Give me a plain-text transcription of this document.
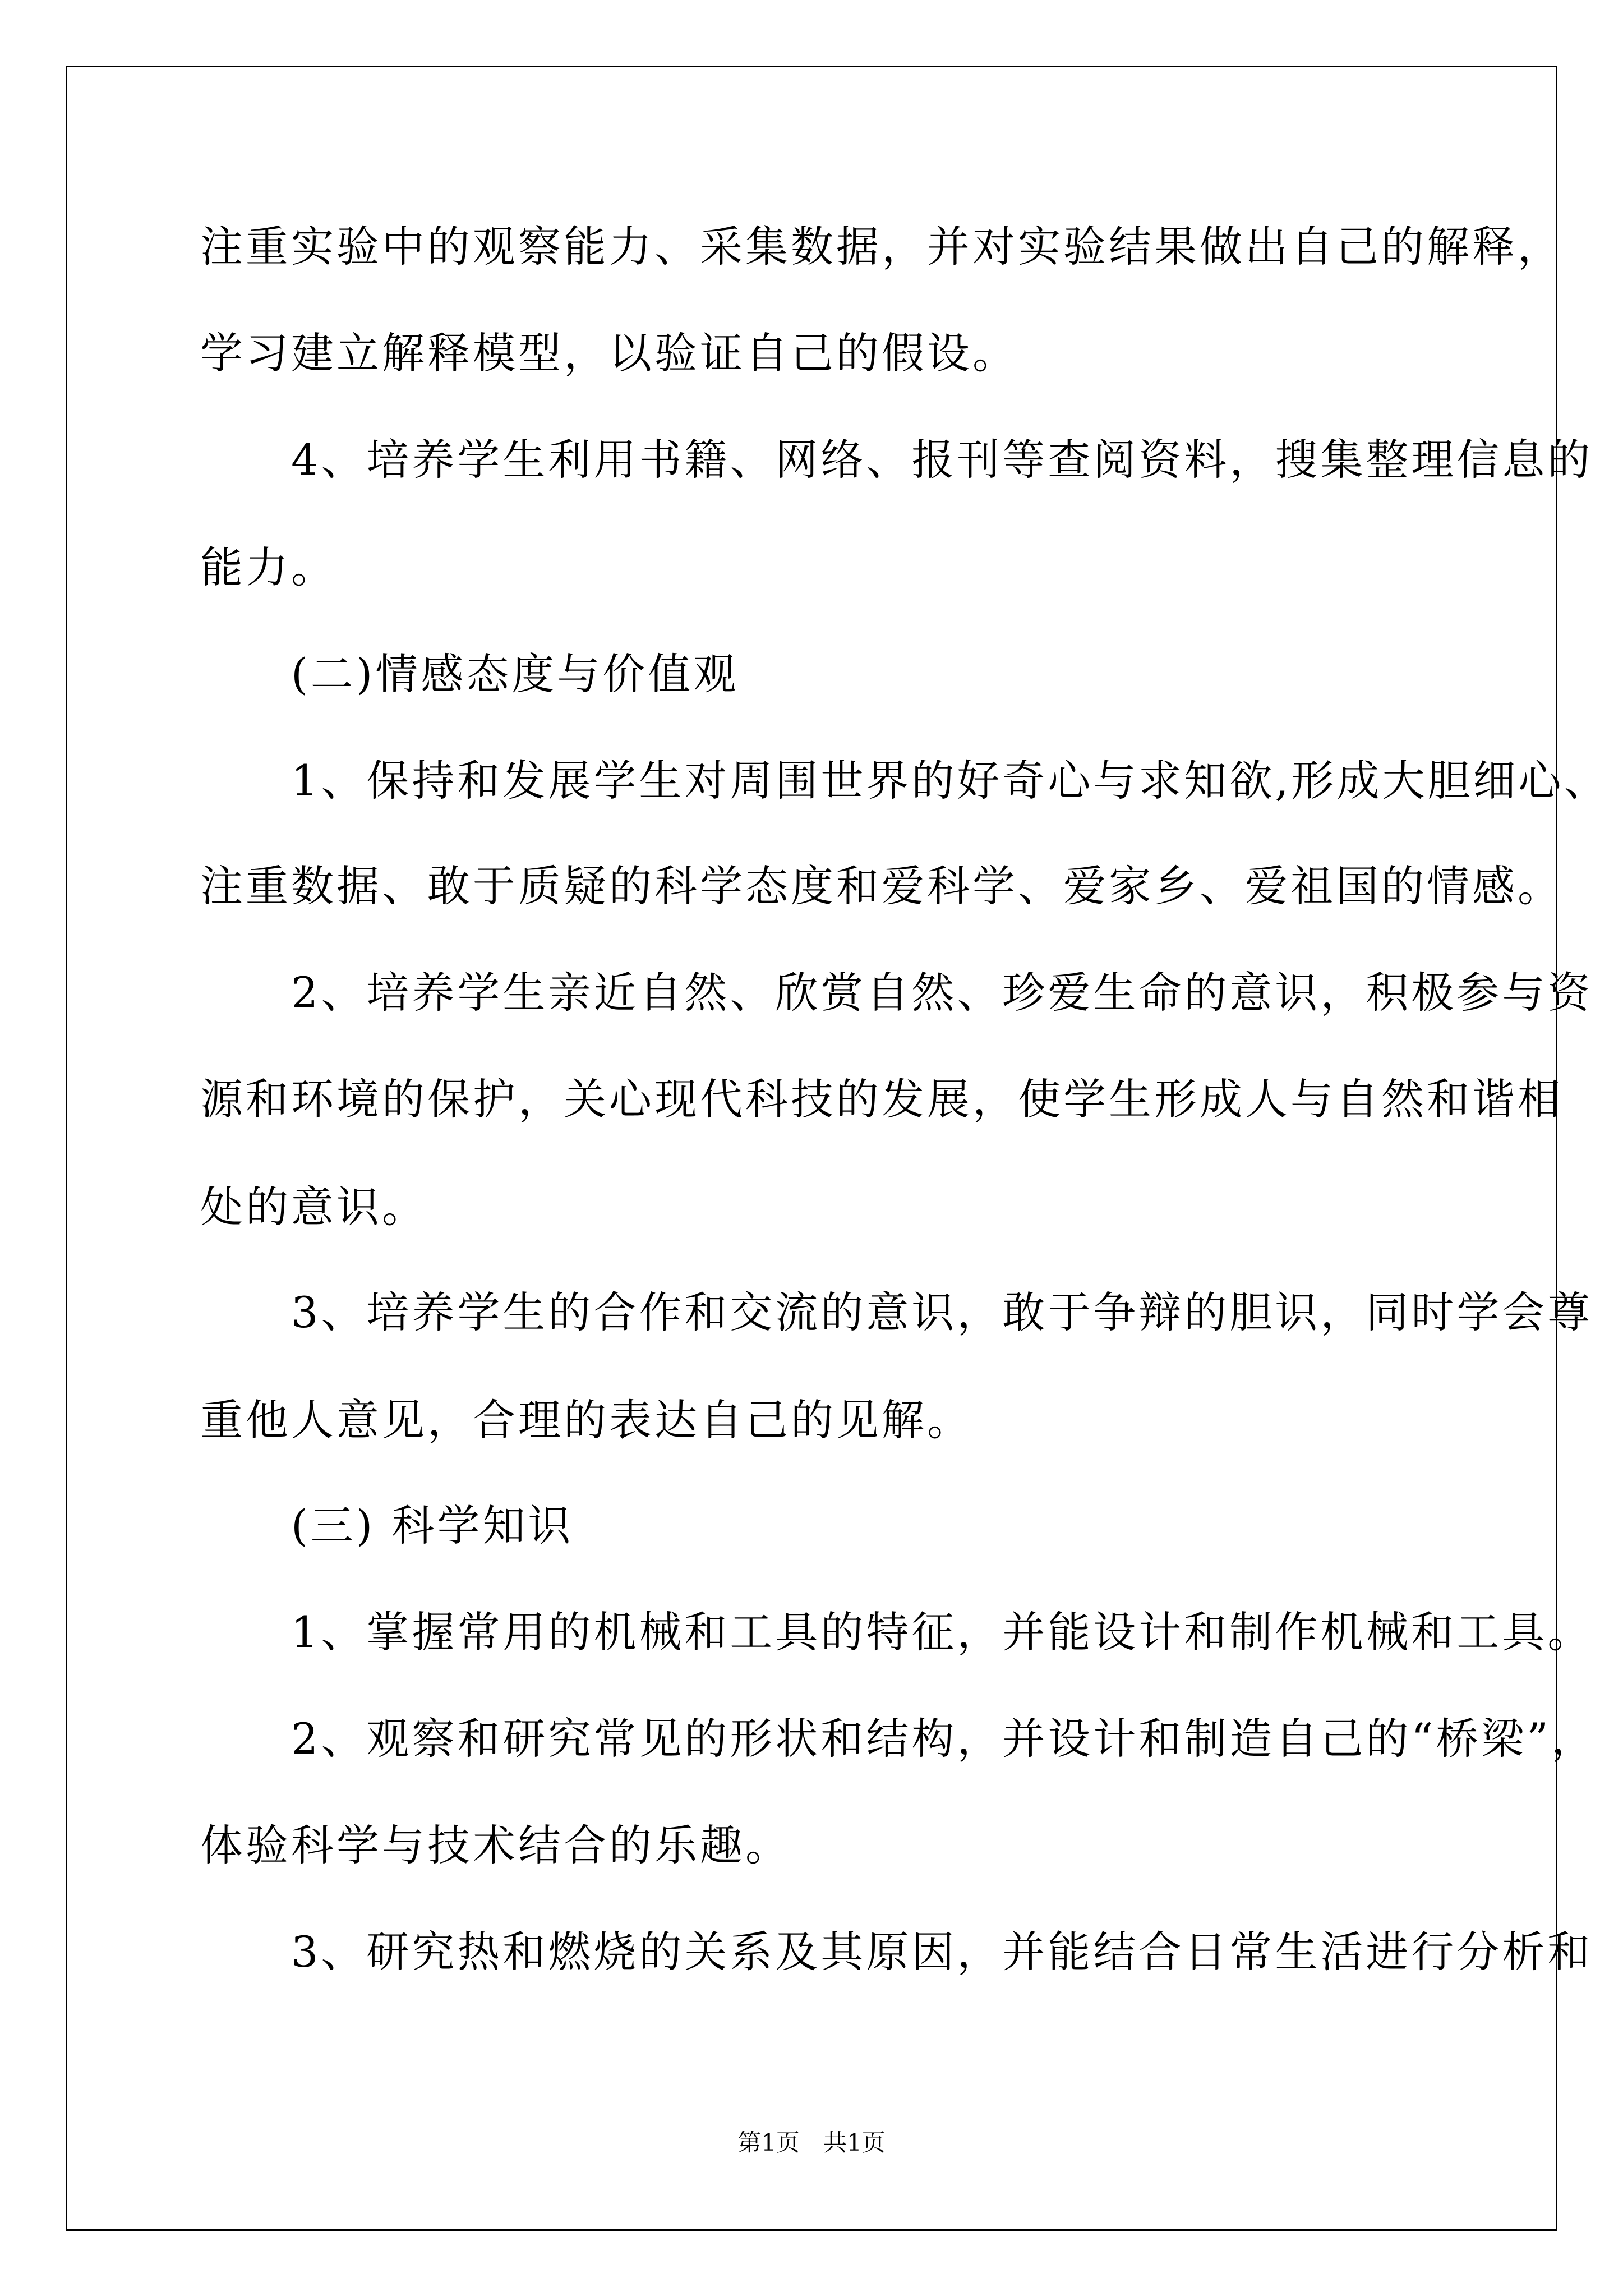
注重实验中的观察能力、采集数据，并对实验结果做出自己的解释，
学习建立解释模型，以验证自己的假设。
　　4、培养学生利用书籍、网络、报刊等查阅资料，搜集整理信息的
能力。
　　(二)情感态度与价值观
　　1、保持和发展学生对周围世界的好奇心与求知欲,形成大胆细心、
注重数据、敢于质疑的科学态度和爱科学、爱家乡、爱祖国的情感。
　　2、培养学生亲近自然、欣赏自然、珍爱生命的意识，积极参与资
源和环境的保护，关心现代科技的发展，使学生形成人与自然和谐相
处的意识。
　　3、培养学生的合作和交流的意识，敢于争辩的胆识，同时学会尊
重他人意见，合理的表达自己的见解。
　　(三) 科学知识
　　1、掌握常用的机械和工具的特征，并能设计和制作机械和工具。
　　2、观察和研究常见的形状和结构，并设计和制造自己的“桥梁”，
体验科学与技术结合的乐趣。
　　3、研究热和燃烧的关系及其原因，并能结合日常生活进行分析和
第1页　共1页
